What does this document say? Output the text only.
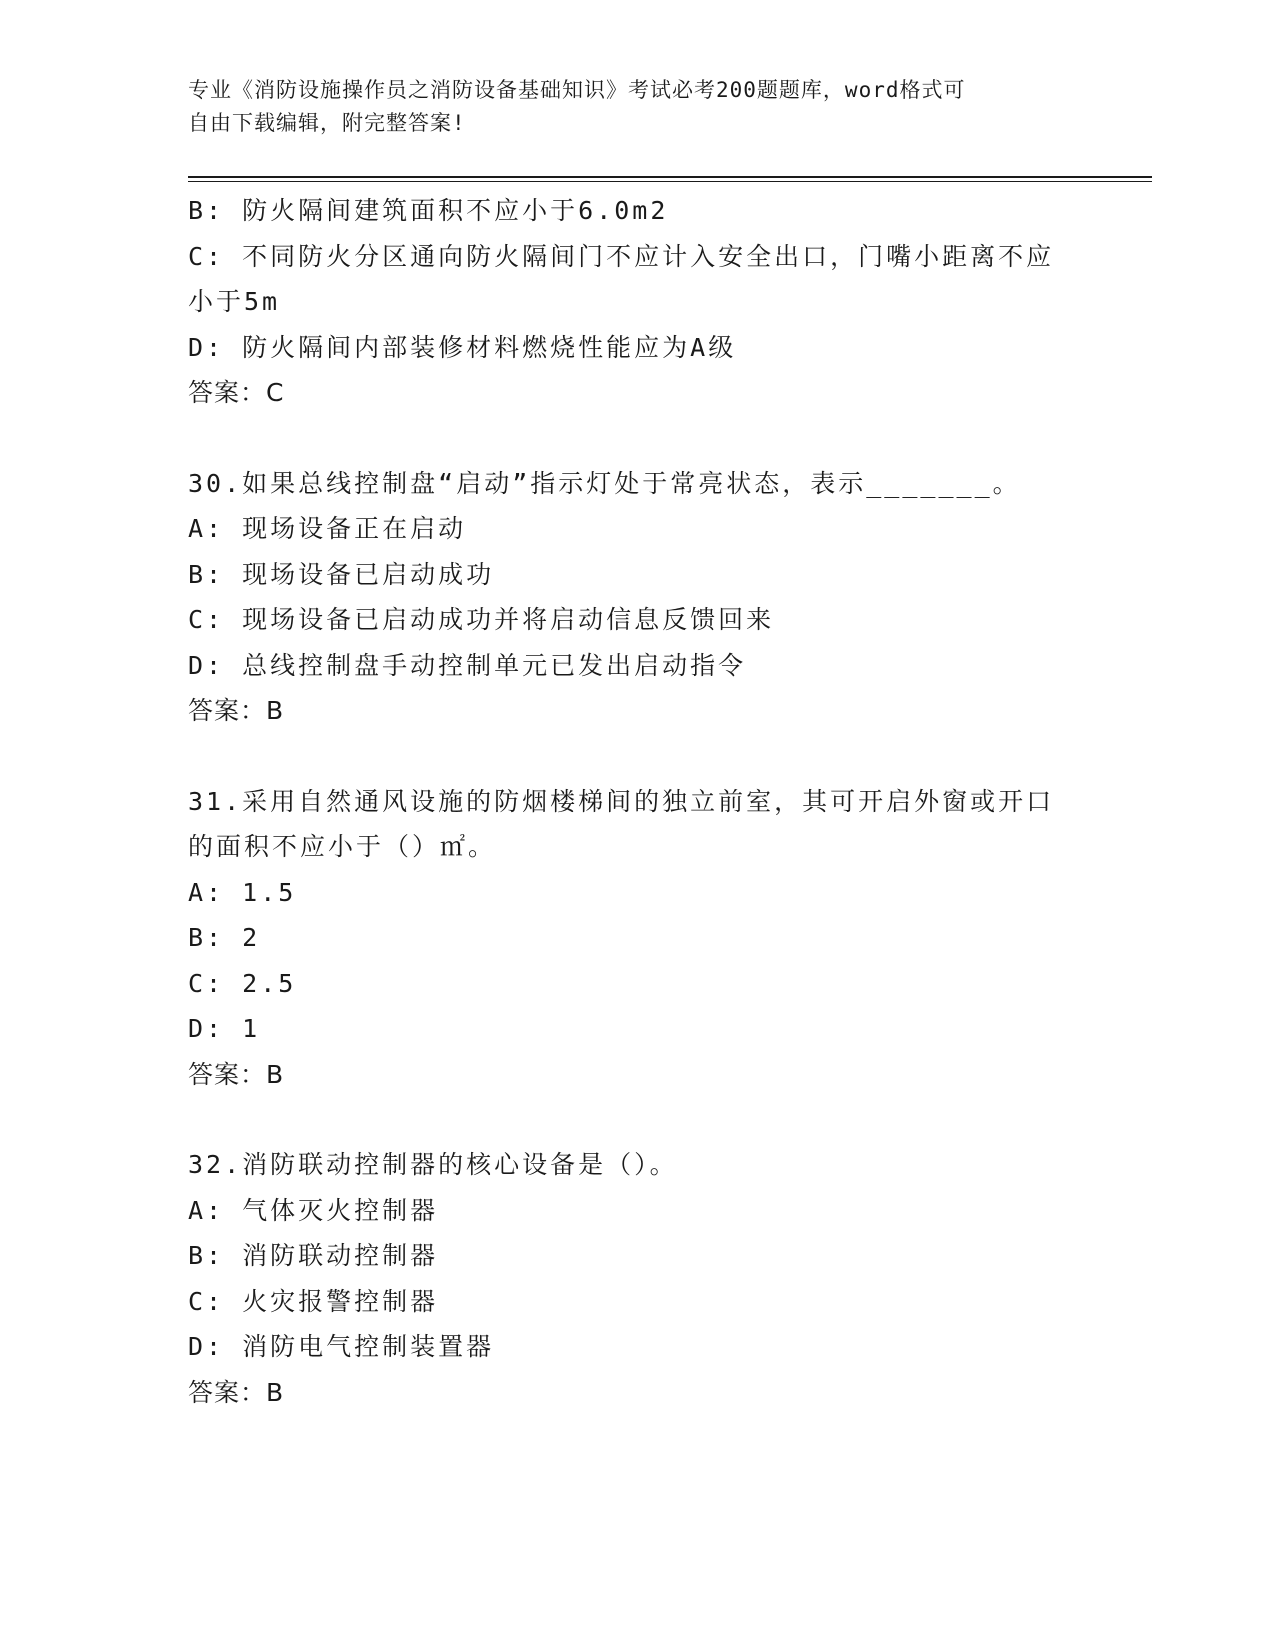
专业《消防设施操作员之消防设备基础知识》考试必考200题题库，word格式可
自由下载编辑，附完整答案!
B: 防火隔间建筑面积不应小于6.0m2
C: 不同防火分区通向防火隔间门不应计入安全出口，门嘴小距离不应
小于5m
D: 防火隔间内部装修材料燃烧性能应为A级
答案：C
30.如果总线控制盘“启动”指示灯处于常亮状态，表示_______。
A: 现场设备正在启动
B: 现场设备已启动成功
C: 现场设备已启动成功并将启动信息反馈回来
D: 总线控制盘手动控制单元已发出启动指令
答案：B
31.采用自然通风设施的防烟楼梯间的独立前室，其可开启外窗或开口
的面积不应小于（）㎡。
A: 1.5
B: 2
C: 2.5
D: 1
答案：B
32.消防联动控制器的核心设备是（）。
A: 气体灭火控制器
B: 消防联动控制器
C: 火灾报警控制器
D: 消防电气控制装置器
答案：B
